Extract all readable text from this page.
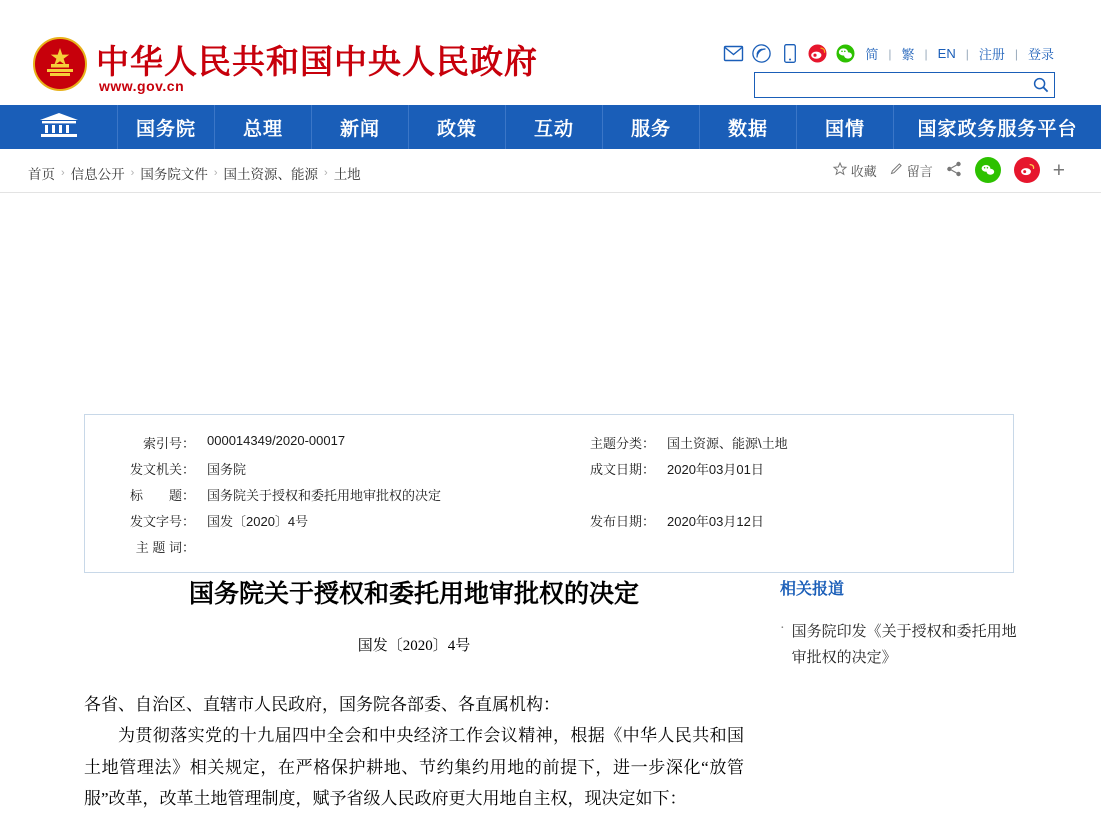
中华人民共和国中央人民政府
www.gov.cn
简 | 繁 | EN | 注册 | 登录
国务院	总理	新闻	政策	互动	服务	数据	国情	国家政务服务平台
首页 › 信息公开 › 国务院文件 › 国土资源、能源 › 土地	收藏 留言	+
索引号： 000014349/2020-00017	主题分类： 国土资源、能源\土地
发文机关： 国务院	成文日期： 2020年03月01日
标　　题： 国务院关于授权和委托用地审批权的决定
发文字号： 国发〔2020〕4号	发布日期： 2020年03月12日
主 题 词：
国务院关于授权和委托用地审批权的决定
国发〔2020〕4号

各省、自治区、直辖市人民政府，国务院各部委、各直属机构：

为贯彻落实党的十九届四中全会和中央经济工作会议精神，根据《中华人民共和国土地管理法》相关规定，在严格保护耕地、节约集约用地的前提下，进一步深化“放管服”改革，改革土地管理制度，赋予省级人民政府更大用地自主权，现决定如下：

相关报道
· 国务院印发《关于授权和委托用地审批权的决定》
